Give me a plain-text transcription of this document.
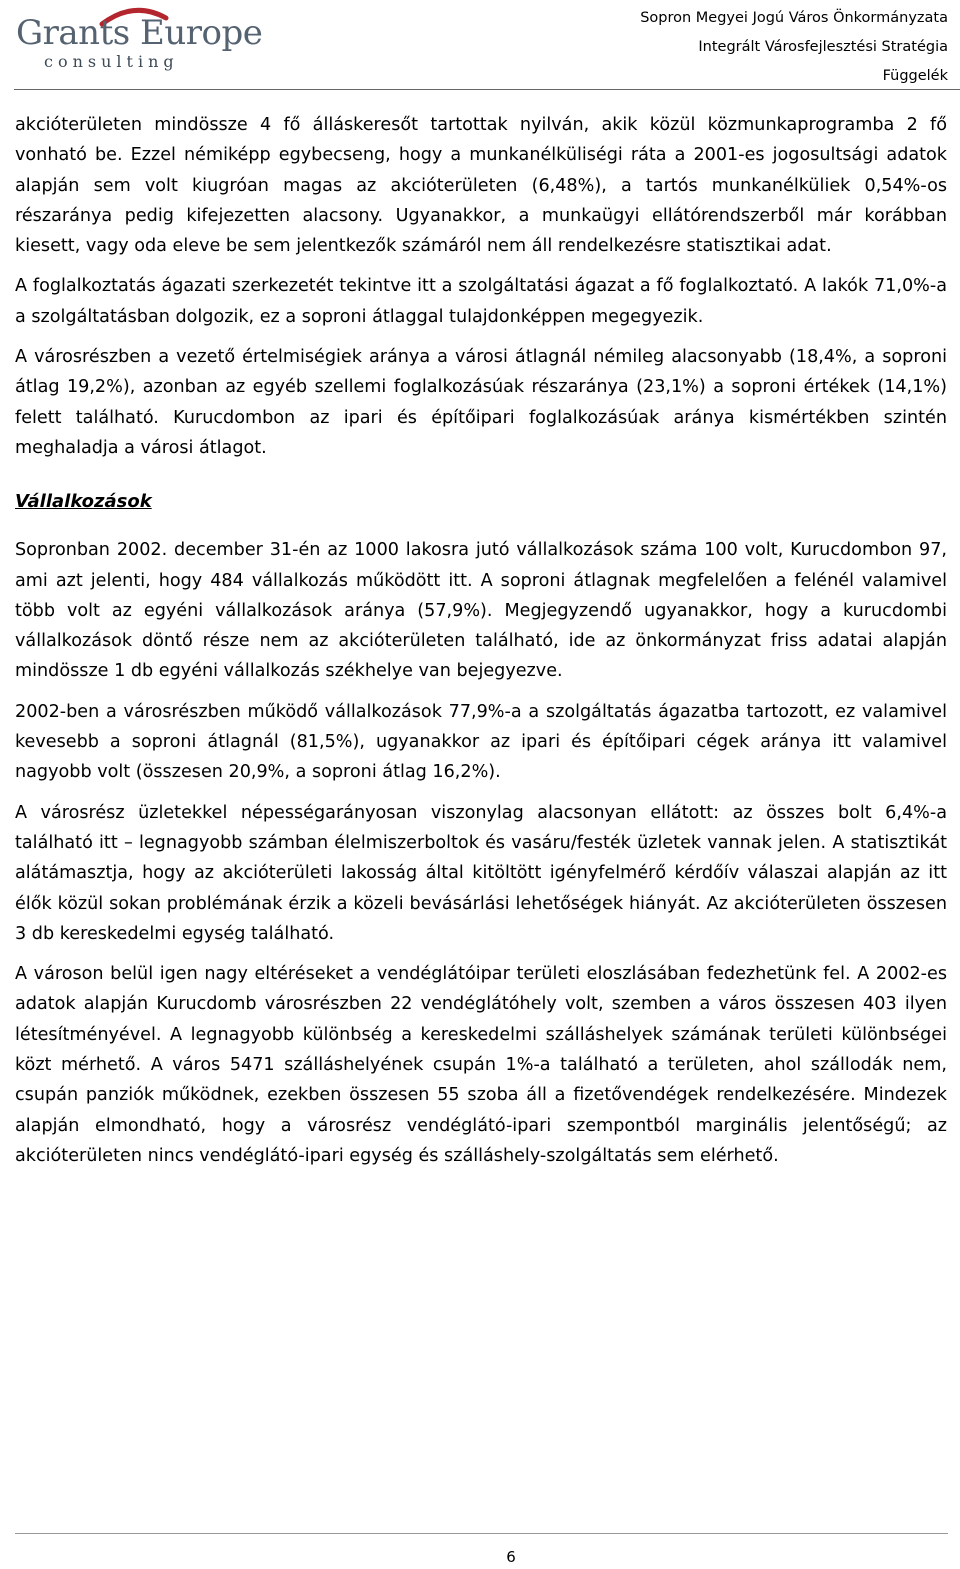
Grants Europe
consulting
Sopron Megyei Jogú Város Önkormányzata
Integrált Városfejlesztési Stratégia
Függelék

akcióterületen mindössze 4 fő álláskeresőt tartottak nyilván, akik közül közmunkaprogramba 2 fő vonható be. Ezzel némiképp egybecseng, hogy a munkanélküliségi ráta a 2001-es jogosultsági adatok alapján sem volt kiugróan magas az akcióterületen (6,48%), a tartós munkanélküliek 0,54%-os részaránya pedig kifejezetten alacsony. Ugyanakkor, a munkaügyi ellátórendszerből már korábban kiesett, vagy oda eleve be sem jelentkezők számáról nem áll rendelkezésre statisztikai adat.

A foglalkoztatás ágazati szerkezetét tekintve itt a szolgáltatási ágazat a fő foglalkoztató. A lakók 71,0%-a a szolgáltatásban dolgozik, ez a soproni átlaggal tulajdonképpen megegyezik.

A városrészben a vezető értelmiségiek aránya a városi átlagnál némileg alacsonyabb (18,4%, a soproni átlag 19,2%), azonban az egyéb szellemi foglalkozásúak részaránya (23,1%) a soproni értékek (14,1%) felett található. Kurucdombon az ipari és építőipari foglalkozásúak aránya kismértékben szintén meghaladja a városi átlagot.

Vállalkozások

Sopronban 2002. december 31-én az 1000 lakosra jutó vállalkozások száma 100 volt, Kurucdombon 97, ami azt jelenti, hogy 484 vállalkozás működött itt. A soproni átlagnak megfelelően a felénél valamivel több volt az egyéni vállalkozások aránya (57,9%). Megjegyzendő ugyanakkor, hogy a kurucdombi vállalkozások döntő része nem az akcióterületen található, ide az önkormányzat friss adatai alapján mindössze 1 db egyéni vállalkozás székhelye van bejegyezve.

2002-ben a városrészben működő vállalkozások 77,9%-a a szolgáltatás ágazatba tartozott, ez valamivel kevesebb a soproni átlagnál (81,5%), ugyanakkor az ipari és építőipari cégek aránya itt valamivel nagyobb volt (összesen 20,9%, a soproni átlag 16,2%).

A városrész üzletekkel népességarányosan viszonylag alacsonyan ellátott: az összes bolt 6,4%-a található itt – legnagyobb számban élelmiszerboltok és vasáru/festék üzletek vannak jelen. A statisztikát alátámasztja, hogy az akcióterületi lakosság által kitöltött igényfelmérő kérdőív válaszai alapján az itt élők közül sokan problémának érzik a közeli bevásárlási lehetőségek hiányát. Az akcióterületen összesen 3 db kereskedelmi egység található.

A városon belül igen nagy eltéréseket a vendéglátóipar területi eloszlásában fedezhetünk fel. A 2002-es adatok alapján Kurucdomb városrészben 22 vendéglátóhely volt, szemben a város összesen 403 ilyen létesítményével. A legnagyobb különbség a kereskedelmi szálláshelyek számának területi különbségei közt mérhető. A város 5471 szálláshelyének csupán 1%-a található a területen, ahol szállodák nem, csupán panziók működnek, ezekben összesen 55 szoba áll a fizetővendégek rendelkezésére. Mindezek alapján elmondható, hogy a városrész vendéglátó-ipari szempontból marginális jelentőségű; az akcióterületen nincs vendéglátó-ipari egység és szálláshely-szolgáltatás sem elérhető.

6
